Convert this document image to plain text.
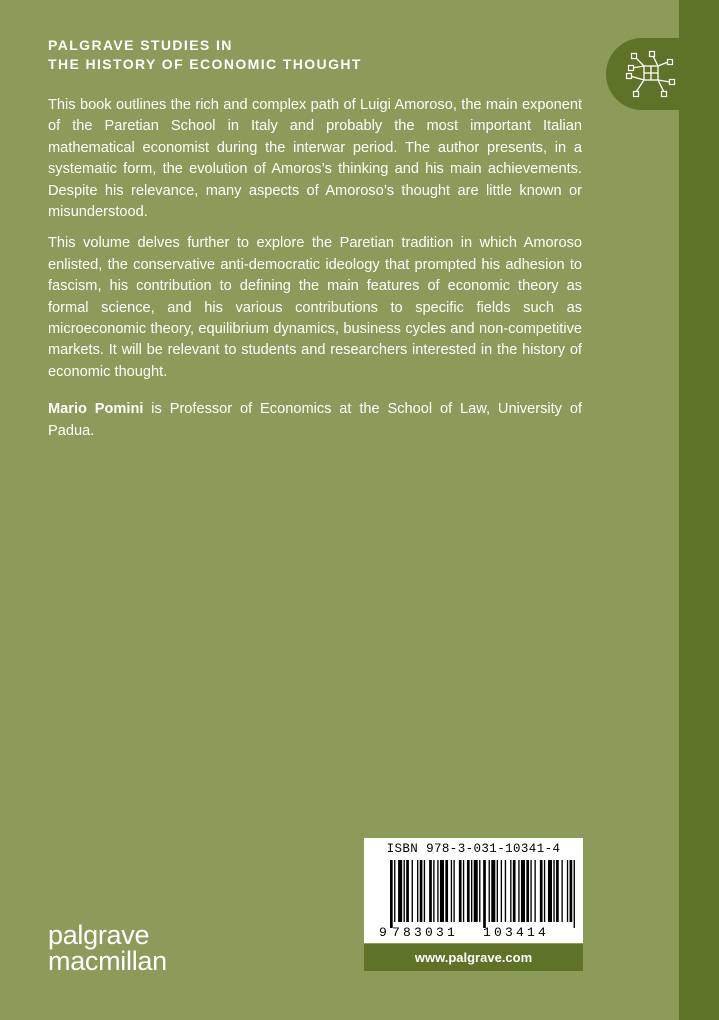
PALGRAVE STUDIES IN
THE HISTORY OF ECONOMIC THOUGHT

This book outlines the rich and complex path of Luigi Amoroso, the main exponent of the Paretian School in Italy and probably the most important Italian mathematical economist during the interwar period. The author presents, in a systematic form, the evolution of Amoros’s thinking and his main achievements. Despite his relevance, many aspects of Amoroso’s thought are little known or misunderstood.

This volume delves further to explore the Paretian tradition in which Amoroso enlisted, the conservative anti-democratic ideology that prompted his adhesion to fascism, his contribution to defining the main features of economic theory as formal science, and his various contributions to specific fields such as microeconomic theory, equilibrium dynamics, business cycles and non-competitive markets. It will be relevant to students and researchers interested in the history of economic thought.

Mario Pomini is Professor of Economics at the School of Law, University of Padua.

palgrave
macmillan
ISBN 978-3-031-10341-4
9 783031 103414
www.palgrave.com
